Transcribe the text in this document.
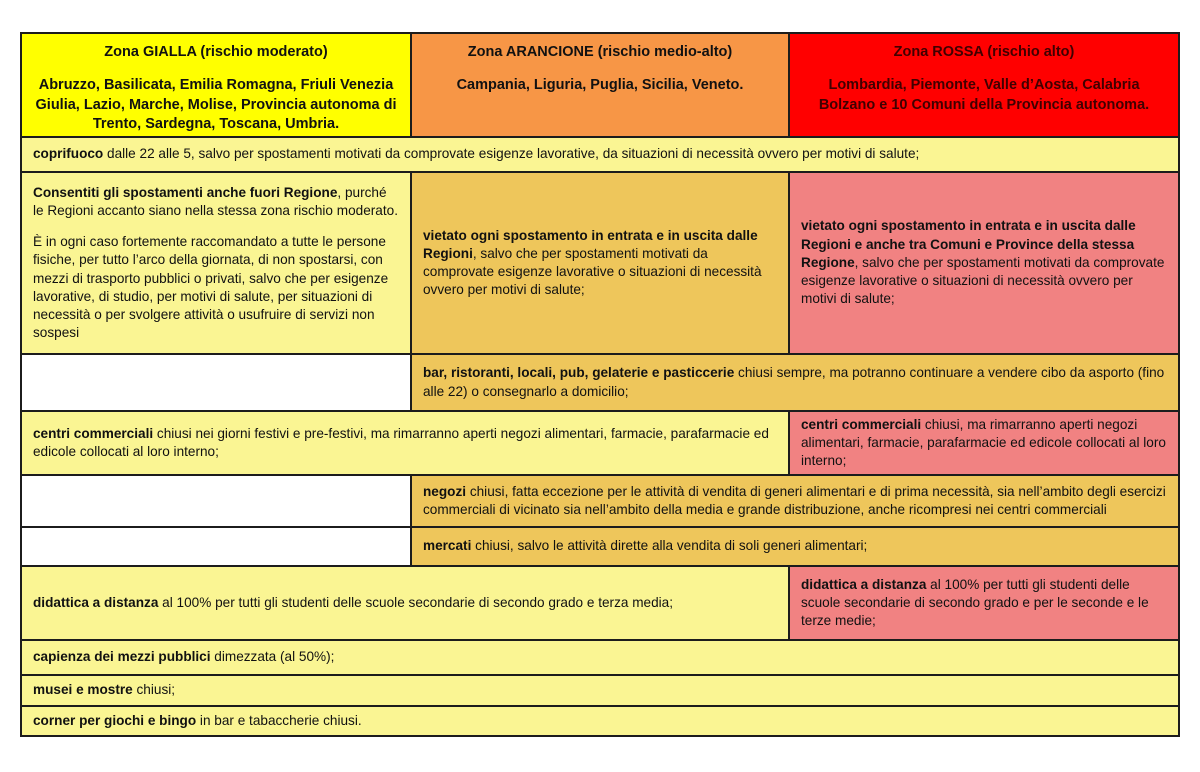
Zona GIALLA (rischio moderato)
Abruzzo, Basilicata, Emilia Romagna, Friuli Venezia Giulia, Lazio, Marche, Molise, Provincia autonoma di Trento, Sardegna, Toscana, Umbria.
Zona ARANCIONE (rischio medio-alto)
Campania, Liguria, Puglia, Sicilia, Veneto.
Zona ROSSA (rischio alto)
Lombardia, Piemonte, Valle d’Aosta, Calabria Bolzano e 10 Comuni della Provincia autonoma.
coprifuoco dalle 22 alle 5, salvo per spostamenti motivati da comprovate esigenze lavorative, da situazioni di necessità ovvero per motivi di salute;
Consentiti gli spostamenti anche fuori Regione, purché le Regioni accanto siano nella stessa zona rischio moderato.
È in ogni caso fortemente raccomandato a tutte le persone fisiche, per tutto l’arco della giornata, di non spostarsi, con mezzi di trasporto pubblici o privati, salvo che per esigenze lavorative, di studio, per motivi di salute, per situazioni di necessità o per svolgere attività o usufruire di servizi non sospesi
vietato ogni spostamento in entrata e in uscita dalle Regioni, salvo che per spostamenti motivati da comprovate esigenze lavorative o situazioni di necessità ovvero per motivi di salute;
vietato ogni spostamento in entrata e in uscita dalle Regioni e anche tra Comuni e Province della stessa Regione, salvo che per spostamenti motivati da comprovate esigenze lavorative o situazioni di necessità ovvero per motivi di salute;
bar, ristoranti, locali, pub, gelaterie e pasticcerie chiusi sempre, ma potranno continuare a vendere cibo da asporto (fino alle 22) o consegnarlo a domicilio;
centri commerciali chiusi nei giorni festivi e pre-festivi, ma rimarranno aperti negozi alimentari, farmacie, parafarmacie ed edicole collocati al loro interno;
centri commerciali chiusi, ma rimarranno aperti negozi alimentari, farmacie, parafarmacie ed edicole collocati al loro interno;
negozi chiusi, fatta eccezione per le attività di vendita di generi alimentari e di prima necessità, sia nell’ambito degli esercizi commerciali di vicinato sia nell’ambito della media e grande distribuzione, anche ricompresi nei centri commerciali
mercati chiusi, salvo le attività dirette alla vendita di soli generi alimentari;
didattica a distanza al 100% per tutti gli studenti delle scuole secondarie di secondo grado e terza media;
didattica a distanza al 100% per tutti gli studenti delle scuole secondarie di secondo grado e per le seconde e le terze medie;
capienza dei mezzi pubblici dimezzata (al 50%);
musei e mostre chiusi;
corner per giochi e bingo in bar e tabaccherie chiusi.
